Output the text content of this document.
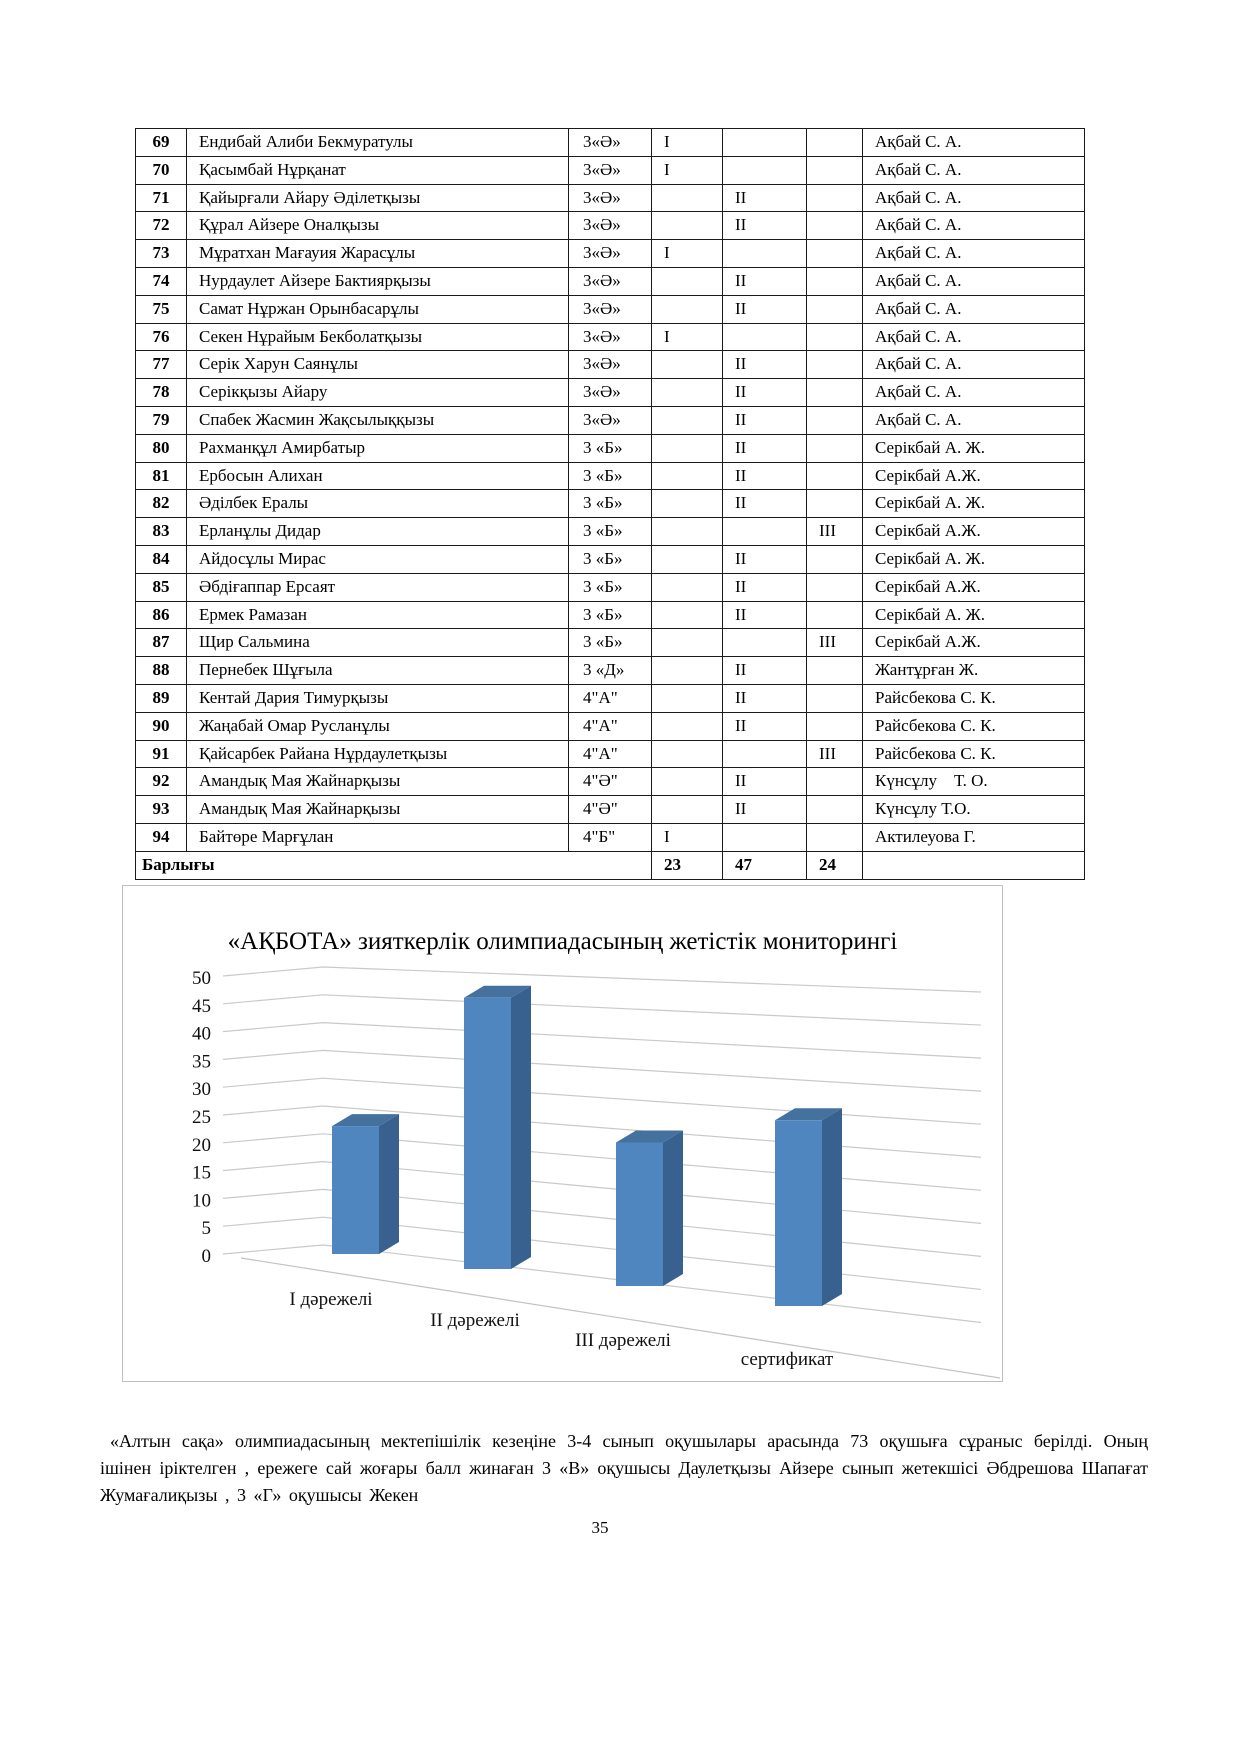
69	Ендибай Алиби Бекмуратулы	3«Ә»	I			Ақбай С. А.
70	Қасымбай Нұрқанат	3«Ә»	I			Ақбай С. А.
71	Қайырғали Айару Әділетқызы	3«Ә»		II		Ақбай С. А.
72	Құрал Айзере Оналқызы	3«Ә»		II		Ақбай С. А.
73	Мұратхан Мағауия Жарасұлы	3«Ә»	I			Ақбай С. А.
74	Нурдаулет Айзере Бактиярқызы	3«Ә»		II		Ақбай С. А.
75	Самат Нұржан Орынбасарұлы	3«Ә»		II		Ақбай С. А.
76	Секен Нұрайым Бекболатқызы	3«Ә»	I			Ақбай С. А.
77	Серік Харун Саянұлы	3«Ә»		II		Ақбай С. А.
78	Серікқызы Айару	3«Ә»		II		Ақбай С. А.
79	Спабек Жасмин Жақсылыққызы	3«Ә»		II		Ақбай С. А.
80	Рахманқұл Амирбатыр	3 «Б»		II		Серікбай А. Ж.
81	Ербосын Алихан	3 «Б»		II		Серікбай А.Ж.
82	Әділбек Ералы	3 «Б»		II		Серікбай А. Ж.
83	Ерланұлы Дидар	3 «Б»			III	Серікбай А.Ж.
84	Айдосұлы Мирас	3 «Б»		II		Серікбай А. Ж.
85	Әбдіғаппар Ерсаят	3 «Б»		II		Серікбай А.Ж.
86	Ермек Рамазан	3 «Б»		II		Серікбай А. Ж.
87	Щир Сальмина	3 «Б»			III	Серікбай А.Ж.
88	Пернебек Шұғыла	3 «Д»		II		Жантұрған Ж.
89	Кентай Дария Тимурқызы	4"А"		II		Райсбекова С. К.
90	Жаңабай Омар Русланұлы	4"А"		II		Райсбекова С. К.
91	Қайсарбек Райана Нұрдаулетқызы	4"А"			III	Райсбекова С. К.
92	Амандық Мая Жайнарқызы	4"Ә"		II		Күнсұлу    Т. О.
93	Амандық Мая Жайнарқызы	4"Ә"		II		Күнсұлу Т.О.
94	Байтөре Марғұлан	4"Б"	I			Актилеуова Г.
Барлығы			23	47	24	
«АҚБОТА» зияткерлік олимпиадасының жетістік мониторингі
0
5
10
15
20
25
30
35
40
45
50
I дәрежелі
II дәрежелі
III дәрежелі
сертификат
«Алтын сақа» олимпиадасының мектепішілік кезеңіне 3-4 сынып оқушылары арасында 73 оқушыға сұраныс берілді. Оның ішінен іріктелген , ережеге сай жоғары балл жинаған 3 «В» оқушысы Даулетқызы Айзере сынып жетекшісі Әбдрешова Шапағат Жумағалиқызы , 3 «Г» оқушысы Жекен
35
